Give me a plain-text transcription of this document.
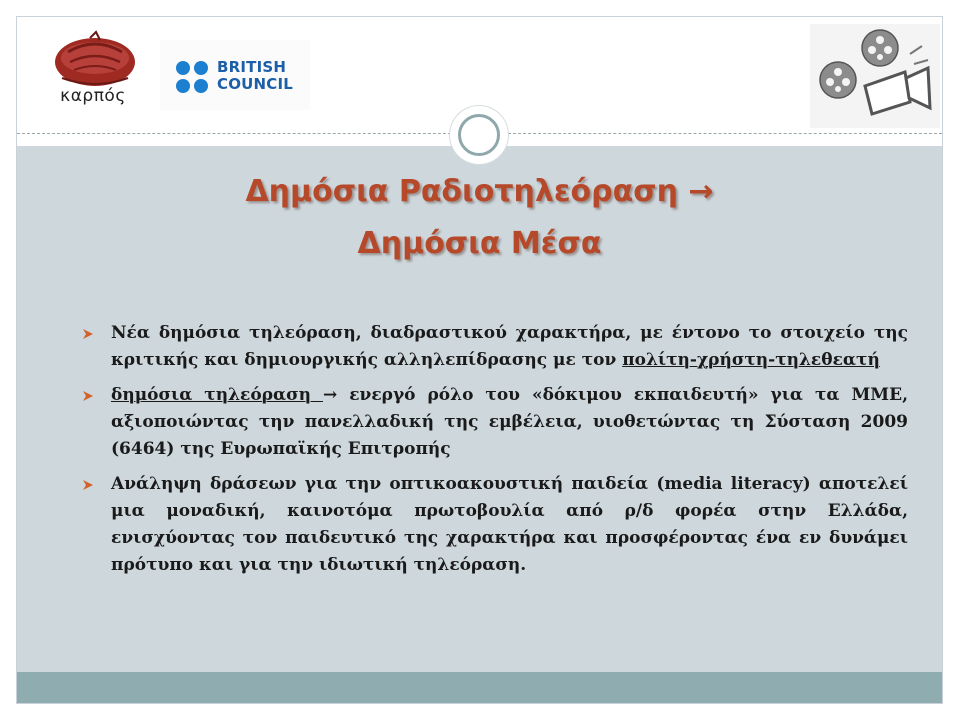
καρπός
BRITISH
COUNCIL
Δημόσια Ραδιοτηλεόραση →
Δημόσια Μέσα
Νέα δημόσια τηλεόραση, διαδραστικού χαρακτήρα, με έντονο το στοιχείο της κριτικής και δημιουργικής αλληλεπίδρασης με τον πολίτη-χρήστη-τηλεθεατή
δημόσια τηλεόραση → ενεργό ρόλο του «δόκιμου εκπαιδευτή» για τα ΜΜΕ, αξιοποιώντας την πανελλαδική της εμβέλεια, υιοθετώντας τη Σύσταση 2009 (6464) της Ευρωπαϊκής Επιτροπής
Ανάληψη δράσεων για την οπτικοακουστική παιδεία (media literacy) αποτελεί μια μοναδική, καινοτόμα πρωτοβουλία από ρ/δ φορέα στην Ελλάδα, ενισχύοντας τον παιδευτικό της χαρακτήρα και προσφέροντας ένα εν δυνάμει πρότυπο και για την ιδιωτική τηλεόραση.
